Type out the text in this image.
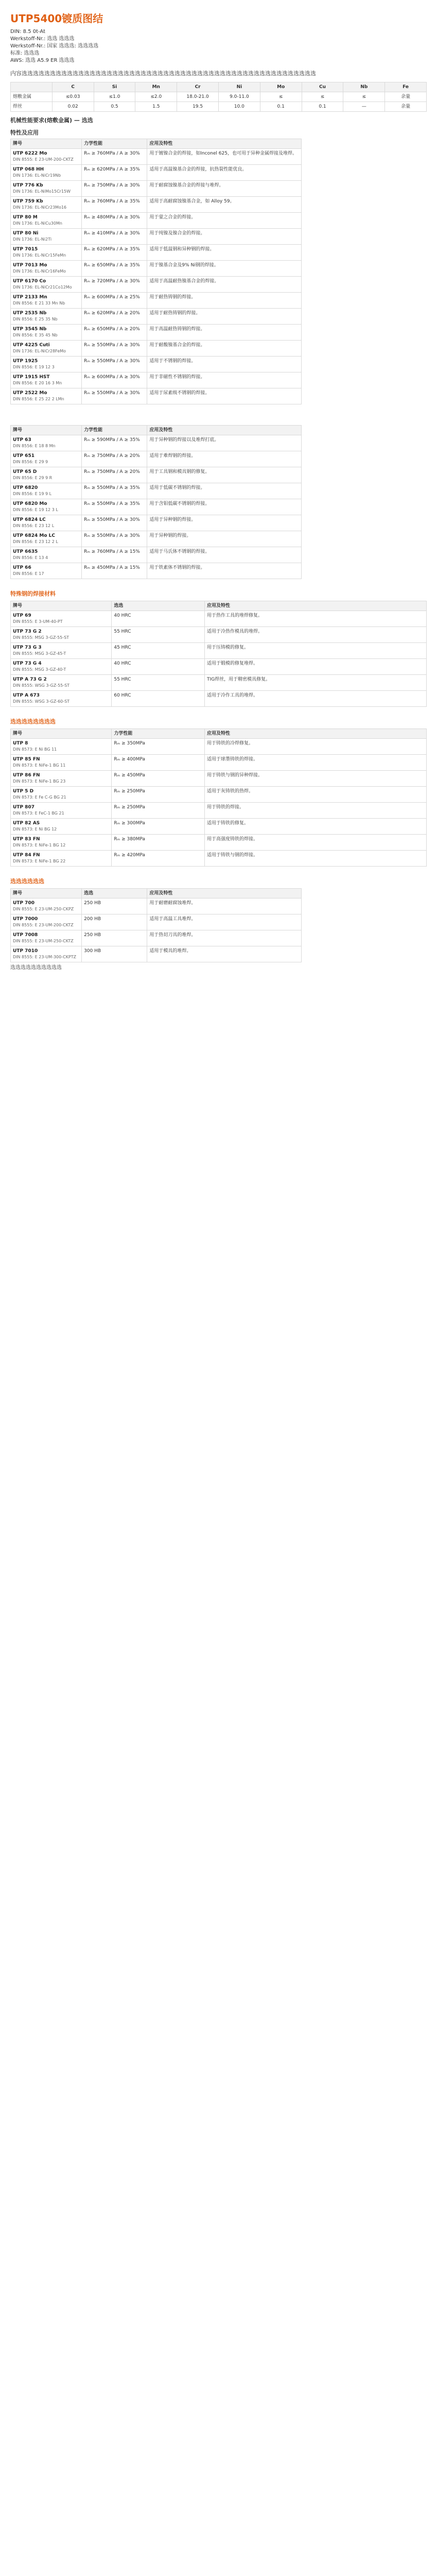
UTP5400镀质图结
DIN: 8.5 0t-At
Werkstoff-Nr.: 选选 选选选
Werkstoff-Nr.: 国家 选选选: 选选选选
标准: 选选选
AWS: 选选 A5.9 ER 选选选
内容选选选选选选选选选选选选选选选选选选选选选选选选选选选选选选选选选选选选选选选选选选选选选选选选选选选选
	C	Si	Mn	Cr	Ni	Mo	Cu	Nb	Fe
熔敷金属	≤0.03	≤1.0	≤2.0	18.0-21.0	9.0-11.0	≤	≤	≤	余量
焊丝	0.02	0.5	1.5	19.5	10.0	0.1	0.1	—	余量
机械性能要求(熔敷金属) — 选选
特性及应用
牌号	力学性能	应用及特性

UTP 6222 Mo
DIN 8555: E 23-UM-200-CKTZ	Rₘ ≥ 760MPa / A ≥ 30%	用于镀镍合金的焊接，如Inconel 625，也可用于异种金属焊接及堆焊。

UTP 068 HH
DIN 1736: EL-NiCr19Nb	Rₘ ≥ 620MPa / A ≥ 35%	适用于高温镍基合金的焊接，抗热裂性能优良。

UTP 776 Kb
DIN 1736: EL-NiMo15Cr15W	Rₘ ≥ 750MPa / A ≥ 30%	用于耐腐蚀镍基合金的焊接与堆焊。

UTP 759 Kb
DIN 1736: EL-NiCr23Mo16	Rₘ ≥ 760MPa / A ≥ 35%	适用于高耐腐蚀镍基合金，如 Alloy 59。

UTP 80 M
DIN 1736: EL-NiCu30Mn	Rₘ ≥ 480MPa / A ≥ 30%	用于蒙之合金的焊接。

UTP 80 Ni
DIN 1736: EL-Ni2Ti	Rₘ ≥ 410MPa / A ≥ 30%	用于纯镍及镍合金的焊接。

UTP 7015
DIN 1736: EL-NiCr15FeMn	Rₘ ≥ 620MPa / A ≥ 35%	适用于低温钢和异种钢的焊接。

UTP 7013 Mo
DIN 1736: EL-NiCr16FeMo	Rₘ ≥ 650MPa / A ≥ 35%	用于镍基合金及9% Ni钢的焊接。

UTP 6170 Co
DIN 1736: EL-NiCr21Co12Mo	Rₘ ≥ 720MPa / A ≥ 30%	适用于高温耐热镍基合金的焊接。

UTP 2133 Mn
DIN 8556: E 21 33 Mn Nb	Rₘ ≥ 600MPa / A ≥ 25%	用于耐热铸钢的焊接。

UTP 2535 Nb
DIN 8556: E 25 35 Nb	Rₘ ≥ 620MPa / A ≥ 20%	适用于耐热铸钢的焊接。

UTP 3545 Nb
DIN 8556: E 35 45 Nb	Rₘ ≥ 650MPa / A ≥ 20%	用于高温耐热铸钢的焊接。

UTP 4225 Cuti
DIN 1736: EL-NiCr28FeMo	Rₘ ≥ 550MPa / A ≥ 30%	用于耐酸镍基合金的焊接。

UTP 1925
DIN 8556: E 19 12 3	Rₘ ≥ 550MPa / A ≥ 30%	适用于不锈钢的焊接。

UTP 1915 HST
DIN 8556: E 20 16 3 Mn	Rₘ ≥ 600MPa / A ≥ 30%	用于非磁性不锈钢的焊接。

UTP 2522 Mo
DIN 8556: E 25 22 2 LMn	Rₘ ≥ 550MPa / A ≥ 30%	适用于尿素级不锈钢的焊接。
牌号	力学性能	应用及特性

UTP 63
DIN 8556: E 18 8 Mn	Rₘ ≥ 590MPa / A ≥ 35%	用于异种钢的焊接以及堆焊打底。

UTP 651
DIN 8556: E 29 9	Rₘ ≥ 750MPa / A ≥ 20%	适用于难焊钢的焊接。

UTP 65 D
DIN 8556: E 29 9 R	Rₘ ≥ 750MPa / A ≥ 20%	用于工具钢和模具钢的修复。

UTP 6820
DIN 8556: E 19 9 L	Rₘ ≥ 550MPa / A ≥ 35%	适用于低碳不锈钢的焊接。

UTP 6820 Mo
DIN 8556: E 19 12 3 L	Rₘ ≥ 550MPa / A ≥ 35%	用于含钼低碳不锈钢的焊接。

UTP 6824 LC
DIN 8556: E 23 12 L	Rₘ ≥ 550MPa / A ≥ 30%	适用于异种钢的焊接。

UTP 6824 Mo LC
DIN 8556: E 23 12 2 L	Rₘ ≥ 550MPa / A ≥ 30%	用于异种钢的焊接。

UTP 6635
DIN 8556: E 13 4	Rₘ ≥ 760MPa / A ≥ 15%	适用于马氏体不锈钢的焊接。

UTP 66
DIN 8556: E 17	Rₘ ≥ 450MPa / A ≥ 15%	用于铁素体不锈钢的焊接。
特殊钢的焊接材料
牌号	选选	应用及特性

UTP 69
DIN 8555: E 3-UM-40-PT	40 HRC	用于热作工具的堆焊修复。

UTP 73 G 2
DIN 8555: MSG 3-GZ-55-ST	55 HRC	适用于冷热作模具的堆焊。

UTP 73 G 3
DIN 8555: MSG 3-GZ-45-T	45 HRC	用于压铸模的修复。

UTP 73 G 4
DIN 8555: MSG 3-GZ-40-T	40 HRC	适用于锻模的修复堆焊。

UTP A 73 G 2
DIN 8555: WSG 3-GZ-55-ST	55 HRC	TIG焊丝，用于精密模具修复。

UTP A 673
DIN 8555: WSG 3-GZ-60-ST	60 HRC	适用于冷作工具的堆焊。
选选选选选选选选
牌号	力学性能	应用及特性

UTP 8
DIN 8573: E Ni BG 11	Rₘ ≥ 350MPa	用于铸铁的冷焊修复。

UTP 85 FN
DIN 8573: E NiFe-1 BG 11	Rₘ ≥ 400MPa	适用于球墨铸铁的焊接。

UTP 86 FN
DIN 8573: E NiFe-1 BG 23	Rₘ ≥ 450MPa	用于铸铁与钢的异种焊接。

UTP 5 D
DIN 8573: E Fe C-G BG 21	Rₘ ≥ 250MPa	适用于灰铸铁的热焊。

UTP 807
DIN 8573: E FeC-1 BG 21	Rₘ ≥ 250MPa	用于铸铁的焊接。

UTP 82 AS
DIN 8573: E Ni BG 12	Rₘ ≥ 300MPa	适用于铸铁的修复。

UTP 83 FN
DIN 8573: E NiFe-1 BG 12	Rₘ ≥ 380MPa	用于高强度铸铁的焊接。

UTP 84 FN
DIN 8573: E NiFe-1 BG 22	Rₘ ≥ 420MPa	适用于铸铁与钢的焊接。
选选选选选选
牌号	选选	应用及特性

UTP 700
DIN 8555: E 23-UM-250-CKPZ	250 HB	用于耐磨耐腐蚀堆焊。

UTP 7000
DIN 8555: E 23-UM-200-CKTZ	200 HB	适用于高温工具堆焊。

UTP 7008
DIN 8555: E 23-UM-250-CKTZ	250 HB	用于热切刀具的堆焊。

UTP 7010
DIN 8555: E 23-UM-300-CKPTZ	300 HB	适用于模具的堆焊。
选选选选选选选选选选
